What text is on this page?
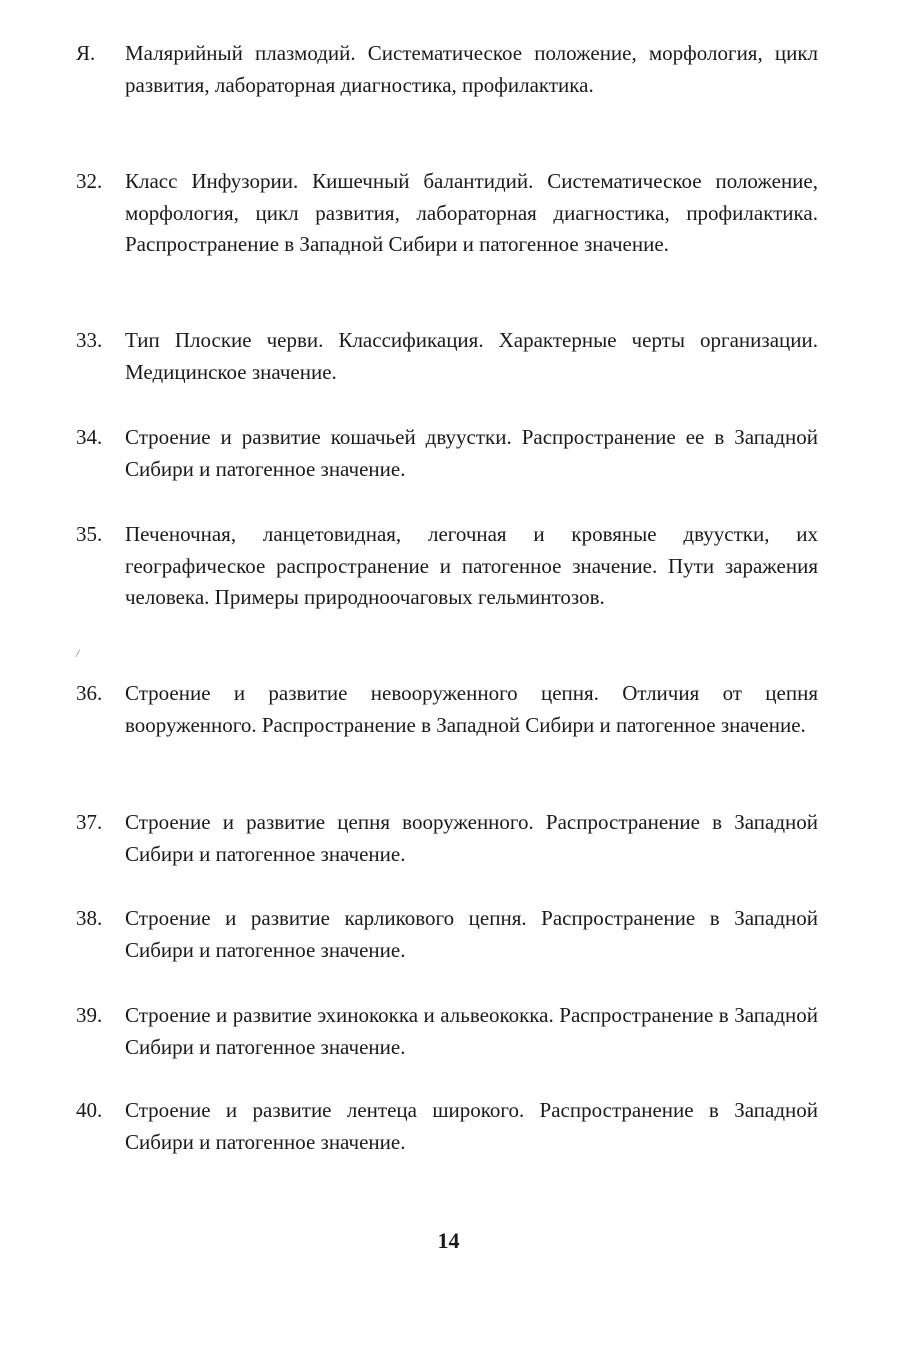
Я.	Малярийный плазмодий. Систематическое положение, морфология, цикл развития, лабораторная диагностика, профилактика.
32.	Класс Инфузории. Кишечный балантидий. Систематическое положение, морфология, цикл развития, лабораторная диагностика, профилактика. Распространение в Западной Сибири и патогенное значение.
33.	Тип Плоские черви. Классификация. Характерные черты организации. Медицинское значение.
34.	Строение и развитие кошачьей двуустки. Распространение ее в Западной Сибири и патогенное значение.
35.	Печеночная, ланцетовидная, легочная и кровяные двуустки, их географическое распространение и патогенное значение. Пути заражения человека. Примеры природноочаговых гельминтозов.
/
36.	Строение и развитие невооруженного цепня. Отличия от цепня вооруженного. Распространение в Западной Сибири и патогенное значение.
37.	Строение и развитие цепня вооруженного. Распространение в Западной Сибири и патогенное значение.
38.	Строение и развитие карликового цепня. Распространение в Западной Сибири и патогенное значение.
39.	Строение и развитие эхинококка и альвеококка. Распространение в Западной Сибири и патогенное значение.
40.	Строение и развитие лентеца широкого. Распространение в Западной Сибири и патогенное значение.
14
